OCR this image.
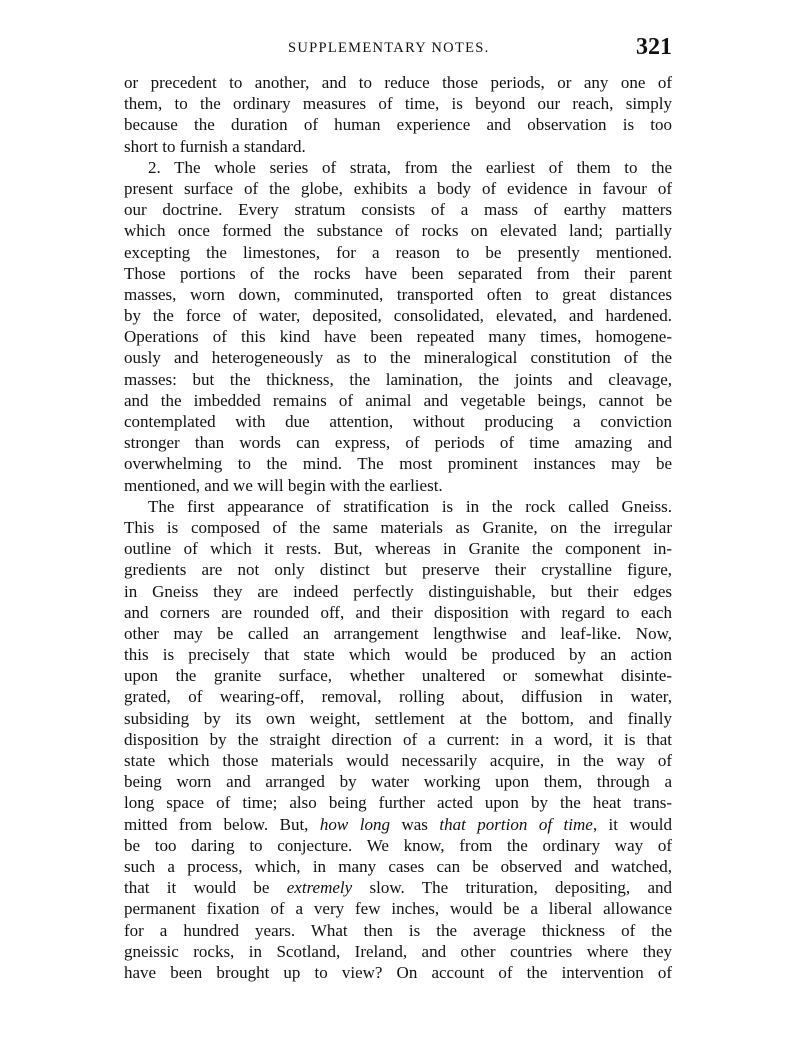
SUPPLEMENTARY NOTES.	321
or precedent to another, and to reduce those periods, or any one of
them, to the ordinary measures of time, is beyond our reach, simply
because the duration of human experience and observation is too
short to furnish a standard.
2. The whole series of strata, from the earliest of them to the
present surface of the globe, exhibits a body of evidence in favour of
our doctrine. Every stratum consists of a mass of earthy matters
which once formed the substance of rocks on elevated land; partially
excepting the limestones, for a reason to be presently mentioned.
Those portions of the rocks have been separated from their parent
masses, worn down, comminuted, transported often to great distances
by the force of water, deposited, consolidated, elevated, and hardened.
Operations of this kind have been repeated many times, homogene-
ously and heterogeneously as to the mineralogical constitution of the
masses: but the thickness, the lamination, the joints and cleavage,
and the imbedded remains of animal and vegetable beings, cannot be
contemplated with due attention, without producing a conviction
stronger than words can express, of periods of time amazing and
overwhelming to the mind. The most prominent instances may be
mentioned, and we will begin with the earliest.
The first appearance of stratification is in the rock called Gneiss.
This is composed of the same materials as Granite, on the irregular
outline of which it rests. But, whereas in Granite the component in-
gredients are not only distinct but preserve their crystalline figure,
in Gneiss they are indeed perfectly distinguishable, but their edges
and corners are rounded off, and their disposition with regard to each
other may be called an arrangement lengthwise and leaf-like. Now,
this is precisely that state which would be produced by an action
upon the granite surface, whether unaltered or somewhat disinte-
grated, of wearing-off, removal, rolling about, diffusion in water,
subsiding by its own weight, settlement at the bottom, and finally
disposition by the straight direction of a current: in a word, it is that
state which those materials would necessarily acquire, in the way of
being worn and arranged by water working upon them, through a
long space of time; also being further acted upon by the heat trans-
mitted from below. But, how long was that portion of time, it would
be too daring to conjecture. We know, from the ordinary way of
such a process, which, in many cases can be observed and watched,
that it would be extremely slow. The trituration, depositing, and
permanent fixation of a very few inches, would be a liberal allowance
for a hundred years. What then is the average thickness of the
gneissic rocks, in Scotland, Ireland, and other countries where they
have been brought up to view? On account of the intervention of
